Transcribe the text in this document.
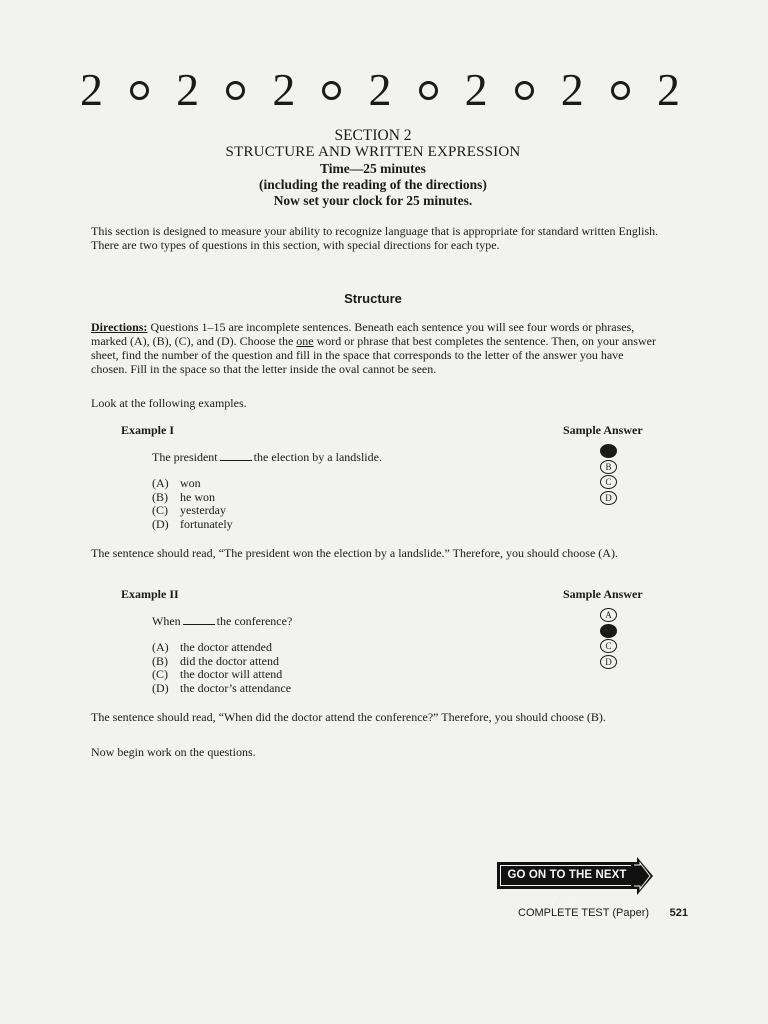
2 2 2 2 2 2 2
SECTION 2
STRUCTURE AND WRITTEN EXPRESSION
Time—25 minutes
(including the reading of the directions)
Now set your clock for 25 minutes.
This section is designed to measure your ability to recognize language that is appropriate for standard written English. There are two types of questions in this section, with special directions for each type.
Structure
Directions: Questions 1–15 are incomplete sentences. Beneath each sentence you will see four words or phrases, marked (A), (B), (C), and (D). Choose the one word or phrase that best completes the sentence. Then, on your answer sheet, find the number of the question and fill in the space that corresponds to the letter of the answer you have chosen. Fill in the space so that the letter inside the oval cannot be seen.
Look at the following examples.
Example I	Sample Answer
The president	the election by a landslide.	A
B
C
D
(A) won
(B)	he won
(C)	yesterday
(D) fortunately
The sentence should read, “The president won the election by a landslide.” Therefore, you should choose (A).
Example II	Sample Answer
When	the conference?	A
B
C
D
(A) the doctor attended
(B)	did the doctor attend
(C)	the doctor will attend
(D) the doctor’s attendance
The sentence should read, “When did the doctor attend the conference?” Therefore, you should choose (B).
Now begin work on the questions.
GO ON TO THE NEXT PAGE
COMPLETE TEST (Paper) 521
